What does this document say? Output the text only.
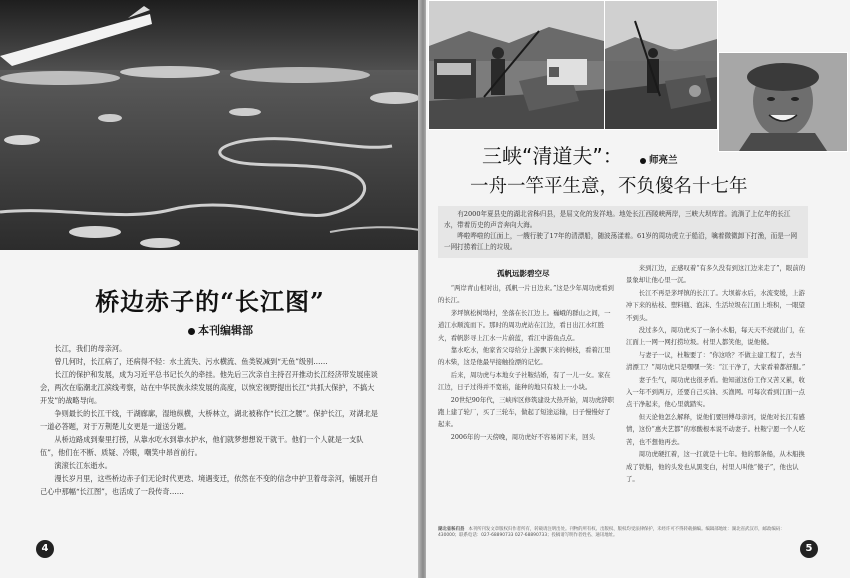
桥边赤子的“长江图”
本刊编辑部

长江，我们的母亲河。

曾几何时，长江病了，还病得不轻：水土流失、污水横流、鱼类锐减到“无鱼”级别……

长江的保护和发展，成为习近平总书记长久的牵挂。他先后三次亲自主持召开推动长江经济带发展座谈会，两次在临潮北江滨线考察，站在中华民族永续发展的高度，以恢宏视野提出长江“共抓大保护，不搞大开发”的战略导向。

争则最长的长江干线，干湖廊廓，湿地纵横，大桥林立，湖北被称作“长江之腰”。保护长江，对湖北是一道必答题，对于万荆楚儿女更是一道送分题。

从桥边路成到秦里打捞，从靠水吃水到靠水护水，他们就梦想想说干就干。他们一个人就是一支队伍”，他们在不断、质疑、冷眼，嘲笑中昂首前行。

演滚长江东逝水。

漫长岁月里，这些桥边赤子们无论时代更迭、境遇变迁，依然在不变的信念中护卫着母亲河，铺展开自己心中那幅“长江图”，也活成了一段传奇……

4
三峡“清道夫”：	师亮兰
一舟一竿平生意，不负傻名十七年

有2000年夏县史的湖北省秭归县，是屈文化的发祥地。地处长江西陵峡两岸，三峡大坝库首。流淌了上亿年的长江水，带着历史的声音奔向大海。

哗啦哗啦的江面上，一艘行驶了17年的清漂船，随波荡漾着。61岁的周功虎立于船沿，噙着微微卸下打渔，而是一网一网打捞着江上的垃圾。

孤帆远影碧空尽

“两岸青山相对出，孤帆一片日边来。”这是少年周功虎看到的长江。

茅坪镇松树坳村，坐落在长江边上。巍峨的群山之间，一道江水顺流而下。那时的周功虎站在江边，看日出江水红胜火，看帆影寻上江水一片蔚蓝，看江中游鱼点点。

靠水吃水，他家省父母给分上游飘下来的树枝，看着江里的木柴，这是他最早接触捡漂的记忆。

后来，周功虎与本地女子社鞍结婚，有了一儿一女。家在江边，日子过得并不宽裕，能种的地只有坡上一小块。

20世纪90年代，三峡库区修筑建设大热开始，周功虎辞职跑上建了轮厂，买了三轮车，做起了短途运输，日子慢慢好了起来。

2006年的一天傍晚，周功虎好不容易闲下来，回头

来到江边，正感叹着“有多久没有到这江边来走了”，眼前的景象却让他心里一沉。

长江不再是茅坪镇的长江了。大坝蓄水后，水流变缓，上游冲下来的枯枝、塑料瓶、泡沫、生活垃圾在江面上堆积，一眼望不到头。

没过多久，周功虎买了一条小木船，每天天不亮就出门，在江面上一网一网打捞垃圾。村里人都笑他，说他傻。

与妻子一议，杜鞍要了：“你这啥？不做主建工程了，去当清漂工？”周功虎只是嘿嘿一笑：“江干净了，大家看着都舒服。”

妻子生气，周功虎也很矛盾。他知道这份工作又苦又累，收入一年不到两万，还要自己买油、买渔网。可每次看到江面一点点干净起来，他心里就踏实。

但天论他怎么解释，说他们要回傅母亲河，说他对长江有感情，这份“惠夫艺都”的寒酸根本说不动妻子。杜鞍宁愿一个人吃苦，也不想他再去。

周功虎硬扛着，这一扛就是十七年。他的那条船，从木船换成了铁船，他的头发也从黑变白，村里人叫他“傻子”，他也认了。

湖北省秭归县 本刊所刊发文章版权归作者所有，转载请注明出处。刊物的所有权、出版权、版权均受法律保护，未经许可不得转载摘编。编辑部地址：湖北省武汉市，邮政编码：430000；联系电话：027-68890733 027-68890733；投稿请写明作者姓名、通讯地址。
5
